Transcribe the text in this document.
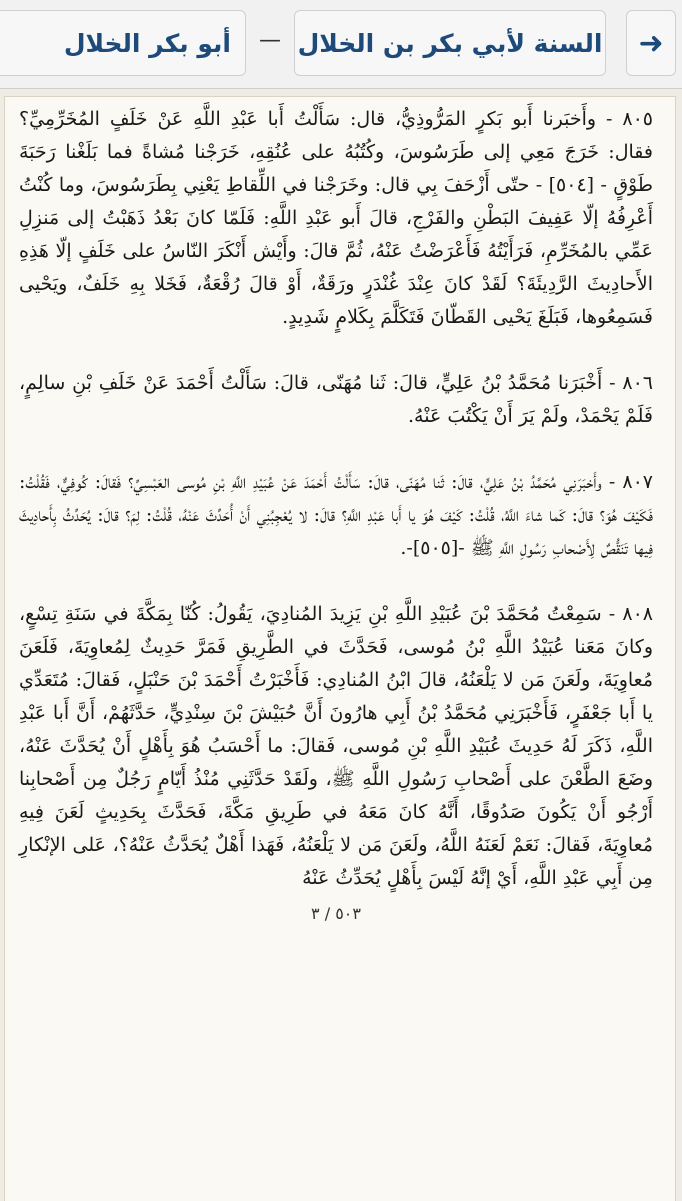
➜
السنة لأبي بكر بن الخلال
—
أبو بكر الخلال

٨٠٥ - وأَخبَرنا أَبو بَكرٍ المَرُّوذِيُّ، قال: سَأَلْتُ أَبا عَبْدِ اللَّهِ عَنْ خَلَفٍ المُخَرِّمِيِّ؟ فقال: خَرَجَ مَعِي إلى طَرَسُوسَ، وكُتُبُهُ على عُنُقِهِ، خَرَجْنا مُشاةً فما بَلَغْنا رَحَبَةَ طَوْقٍ - [٥٠٤] - حتّى أَزْحَفَ بِي قال: وخَرَجْنا في اللِّقاطِ يَعْنِي بِطَرَسُوسَ، وما كُنْتُ أَعْرِفُهُ إلّا عَفِيفَ البَطْنِ والفَرْجِ، قالَ أَبو عَبْدِ اللَّهِ: فَلَمّا كانَ بَعْدُ ذَهَبْتُ إلى مَنزِلِ عَمِّي بالمُخَرِّمِ، فَرَأَيْتُهُ فَأَعْرَضْتُ عَنْهُ، ثُمَّ قالَ: وأَيْش أَنْكَرَ النّاسُ على خَلَفٍ إلّا هَذِهِ الأَحادِيثَ الرَّدِيئَةَ؟ لَقَدْ كانَ عِنْدَ غُنْدَرٍ ورَقَةٌ، أَوْ قالَ رُقْعَةٌ، فَخَلا بِهِ خَلَفٌ، ويَحْيى فَسَمِعُوها، فَبَلَغَ يَحْيى القَطّانَ فَتَكَلَّمَ بِكَلامٍ شَدِيدٍ.

٨٠٦ - أَخْبَرَنا مُحَمَّدُ بْنُ عَلِيٍّ، قالَ: ثَنا مُهَنّى، قالَ: سَأَلْتُ أَحْمَدَ عَنْ خَلَفِ بْنِ سالِمٍ، فَلَمْ يَحْمَدْ، ولَمْ يَرَ أَنْ يَكْتُبَ عَنْهُ.

٨٠٧ - وأَخبَرَنِي مُحَمَّدُ بْنُ عَلِيٍّ، قالَ: ثَنا مُهَنّى، قالَ: سَأَلْتُ أَحْمَدَ عَنْ عُبَيْدِ اللَّهِ بْنِ مُوسى العَبْسِيِّ؟ فَقالَ: كُوفِيٌّ، فَقُلْتُ: فَكَيْفَ هُوَ؟ قالَ: كَما شاءَ اللَّهُ، قُلْتُ: كَيْفَ هُوَ يا أَبا عَبْدِ اللَّهِ؟ قالَ: لا يُعْجِبُنِي أَنْ أُحَدِّثَ عَنْهُ، قُلْتُ: لِمَ؟ قالَ: يُحَدِّثُ بِأَحادِيثَ فِيها تَنَقُّصٌ لِأَصْحابِ رَسُولِ اللَّهِ ﷺ -[٥٠٥]-.

٨٠٨ - سَمِعْتُ مُحَمَّدَ بْنَ عُبَيْدِ اللَّهِ بْنِ يَزِيدَ المُنادِيَ، يَقُولُ: كُنّا بِمَكَّةَ في سَنَةِ تِسْعٍ، وكانَ مَعَنا عُبَيْدُ اللَّهِ بْنُ مُوسى، فَحَدَّثَ في الطَّرِيقِ فَمَرَّ حَدِيثٌ لِمُعاوِيَةَ، فَلَعَنَ مُعاوِيَةَ، ولَعَنَ مَن لا يَلْعَنُهُ، قالَ ابْنُ المُنادِي: فَأَخْبَرْتُ أَحْمَدَ بْنَ حَنْبَلٍ، فَقالَ: مُتَعَدِّي يا أَبا جَعْفَرٍ، فَأَخْبَرَنِي مُحَمَّدُ بْنُ أَبِي هارُونَ أَنَّ حُبَيْشَ بْنَ سِنْدِيٍّ، حَدَّثَهُمْ، أَنَّ أَبا عَبْدِ اللَّهِ، ذَكَرَ لَهُ حَدِيثَ عُبَيْدِ اللَّهِ بْنِ مُوسى، فَقالَ: ما أَحْسَبُ هُوَ بِأَهْلٍ أَنْ يُحَدَّثَ عَنْهُ، وضَعَ الطَّعْنَ على أَصْحابِ رَسُولِ اللَّهِ ﷺ، ولَقَدْ حَدَّثَنِي مُنْذُ أَيّامٍ رَجُلٌ مِن أَصْحابِنا أَرْجُو أَنْ يَكُونَ صَدُوقًا، أَنَّهُ كانَ مَعَهُ في طَرِيقِ مَكَّةَ، فَحَدَّثَ بِحَدِيثٍ لَعَنَ فِيهِ مُعاوِيَةَ، فَقالَ: نَعَمْ لَعَنَهُ اللَّهُ، ولَعَنَ مَن لا يَلْعَنُهُ، فَهَذا أَهْلٌ يُحَدَّثُ عَنْهُ؟، عَلى الإنْكارِ مِن أَبِي عَبْدِ اللَّهِ، أَيْ إنَّهُ لَيْسَ بِأَهْلٍ يُحَدِّثُ عَنْهُ

٥٠٣ / ٣
